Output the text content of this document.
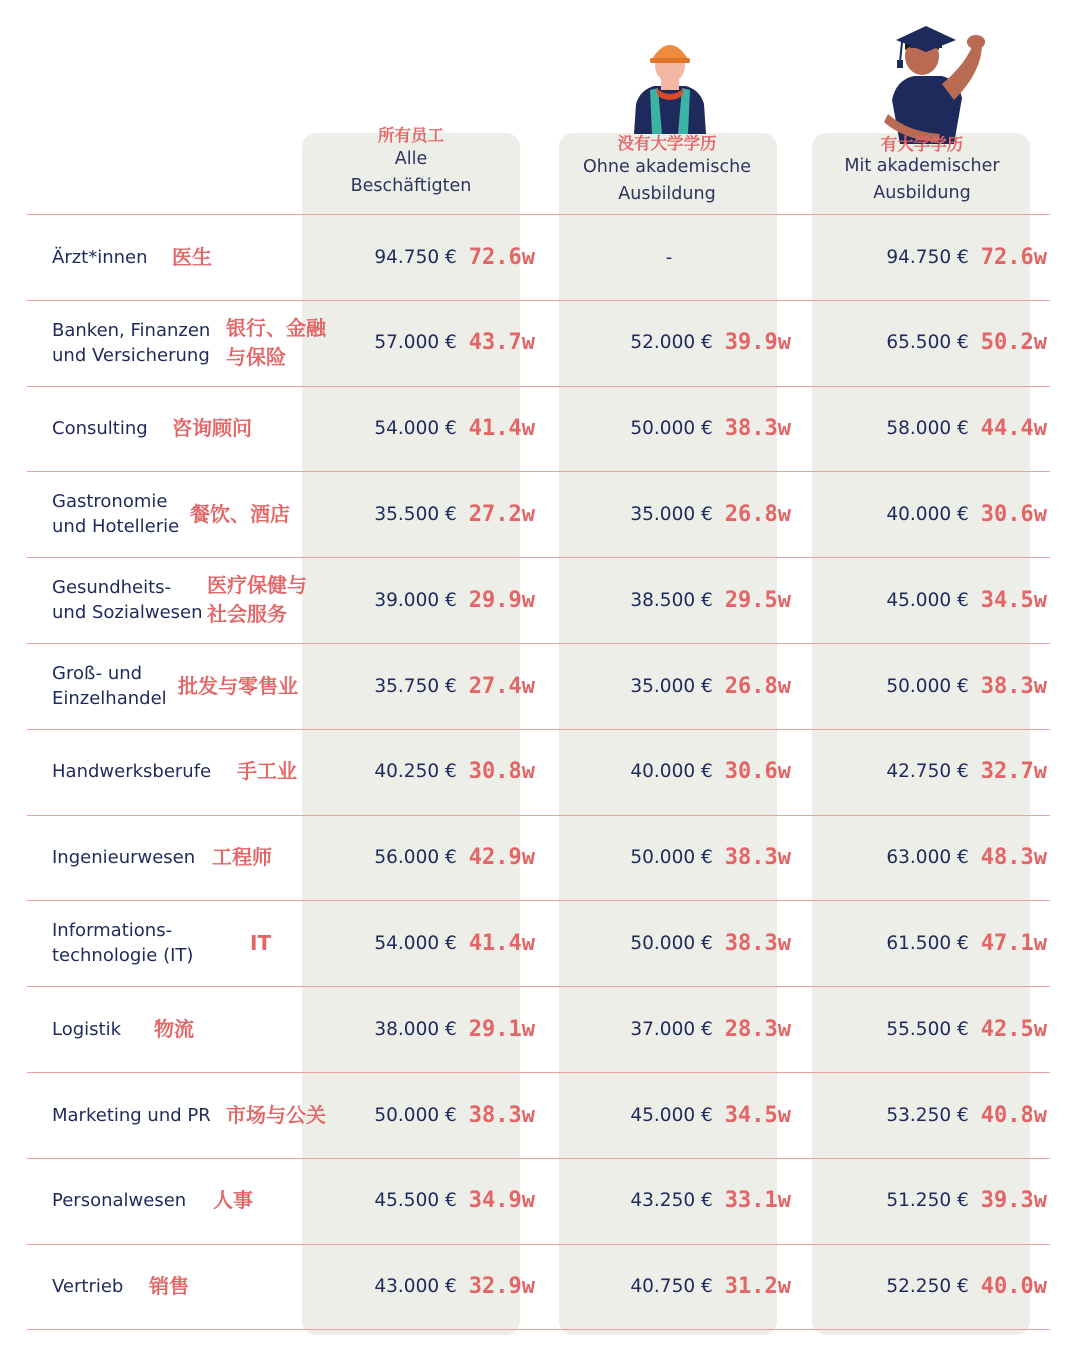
所有员工
Alle
Beschäftigten
没有大学学历
Ohne akademische
Ausbildung
有大学学历
Mit akademischer
Ausbildung
Ärzt*innen 医生	94.750 € 72.6w	-	94.750 € 72.6w
Banken, Finanzen
und Versicherung
银行、金融
与保险
57.000 € 43.7w	52.000 € 39.9w	65.500 € 50.2w
Consulting 咨询顾问	54.000 € 41.4w	50.000 € 38.3w	58.000 € 44.4w
Gastronomie
und Hotellerie
餐饮、酒店	35.500 € 27.2w	35.000 € 26.8w	40.000 € 30.6w
Gesundheits-
und Sozialwesen
医疗保健与
社会服务
39.000 € 29.9w	38.500 € 29.5w	45.000 € 34.5w
Groß- und
Einzelhandel
批发与零售业	35.750 € 27.4w	35.000 € 26.8w	50.000 € 38.3w
Handwerksberufe 手工业	40.250 € 30.8w	40.000 € 30.6w	42.750 € 32.7w
Ingenieurwesen 工程师	56.000 € 42.9w	50.000 € 38.3w	63.000 € 48.3w
Informations-
technologie (IT)
IT	54.000 € 41.4w	50.000 € 38.3w	61.500 € 47.1w
Logistik 物流	38.000 € 29.1w	37.000 € 28.3w	55.500 € 42.5w
Marketing und PR 市场与公关	50.000 € 38.3w	45.000 € 34.5w	53.250 € 40.8w
Personalwesen 人事	45.500 € 34.9w	43.250 € 33.1w	51.250 € 39.3w
Vertrieb 销售	43.000 € 32.9w	40.750 € 31.2w	52.250 € 40.0w
